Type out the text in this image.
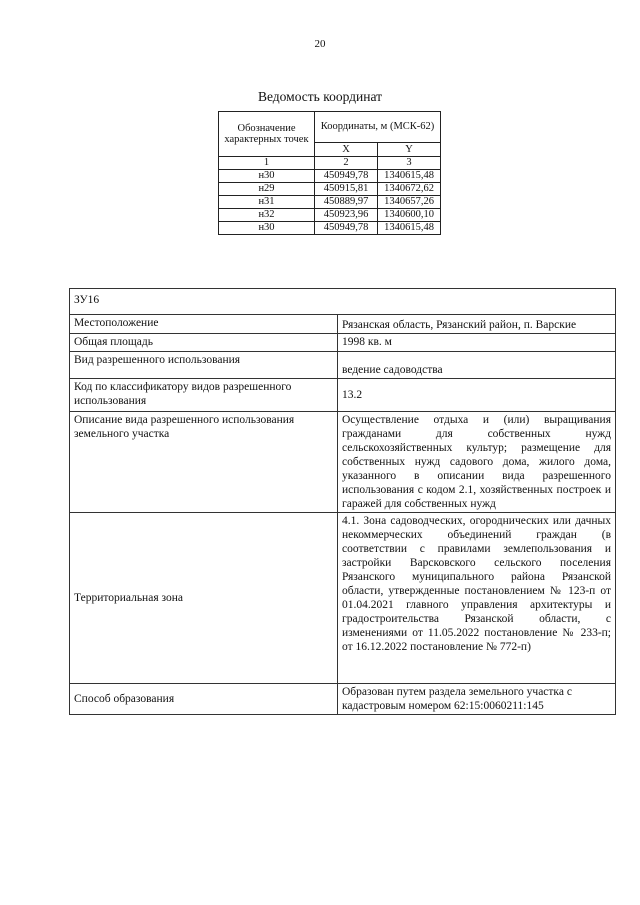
20
Ведомость координат
Обозначение характерных точек	Координаты, м (МСК-62)	
	X	Y
1	2	3
н30	450949,78	1340615,48
н29	450915,81	1340672,62
н31	450889,97	1340657,26
н32	450923,96	1340600,10
н30	450949,78	1340615,48
ЗУ16	
Местоположение	Рязанская область, Рязанский район, п. Варские
Общая площадь	1998 кв. м
Вид разрешенного использования	ведение садоводства
Код по классификатору видов разрешенного использования	13.2
Описание вида разрешенного использования земельного участка	Осуществление отдыха и (или) выращивания гражданами для собственных нужд сельскохозяйственных культур; размещение для собственных нужд садового дома, жилого дома, указанного в описании вида разрешенного использования с кодом 2.1, хозяйственных построек и гаражей для собственных нужд
Территориальная зона	4.1. Зона садоводческих, огороднических или дачных некоммерческих объединений граждан (в соответствии с правилами землепользования и застройки Варсковского сельского поселения Рязанского муниципального района Рязанской области, утвержденные постановлением № 123-п от 01.04.2021 главного управления архитектуры и градостроительства Рязанской области, с изменениями от 11.05.2022 постановление № 233-п; от 16.12.2022 постановление № 772-п)
Способ образования	Образован путем раздела земельного участка с кадастровым номером 62:15:0060211:145
